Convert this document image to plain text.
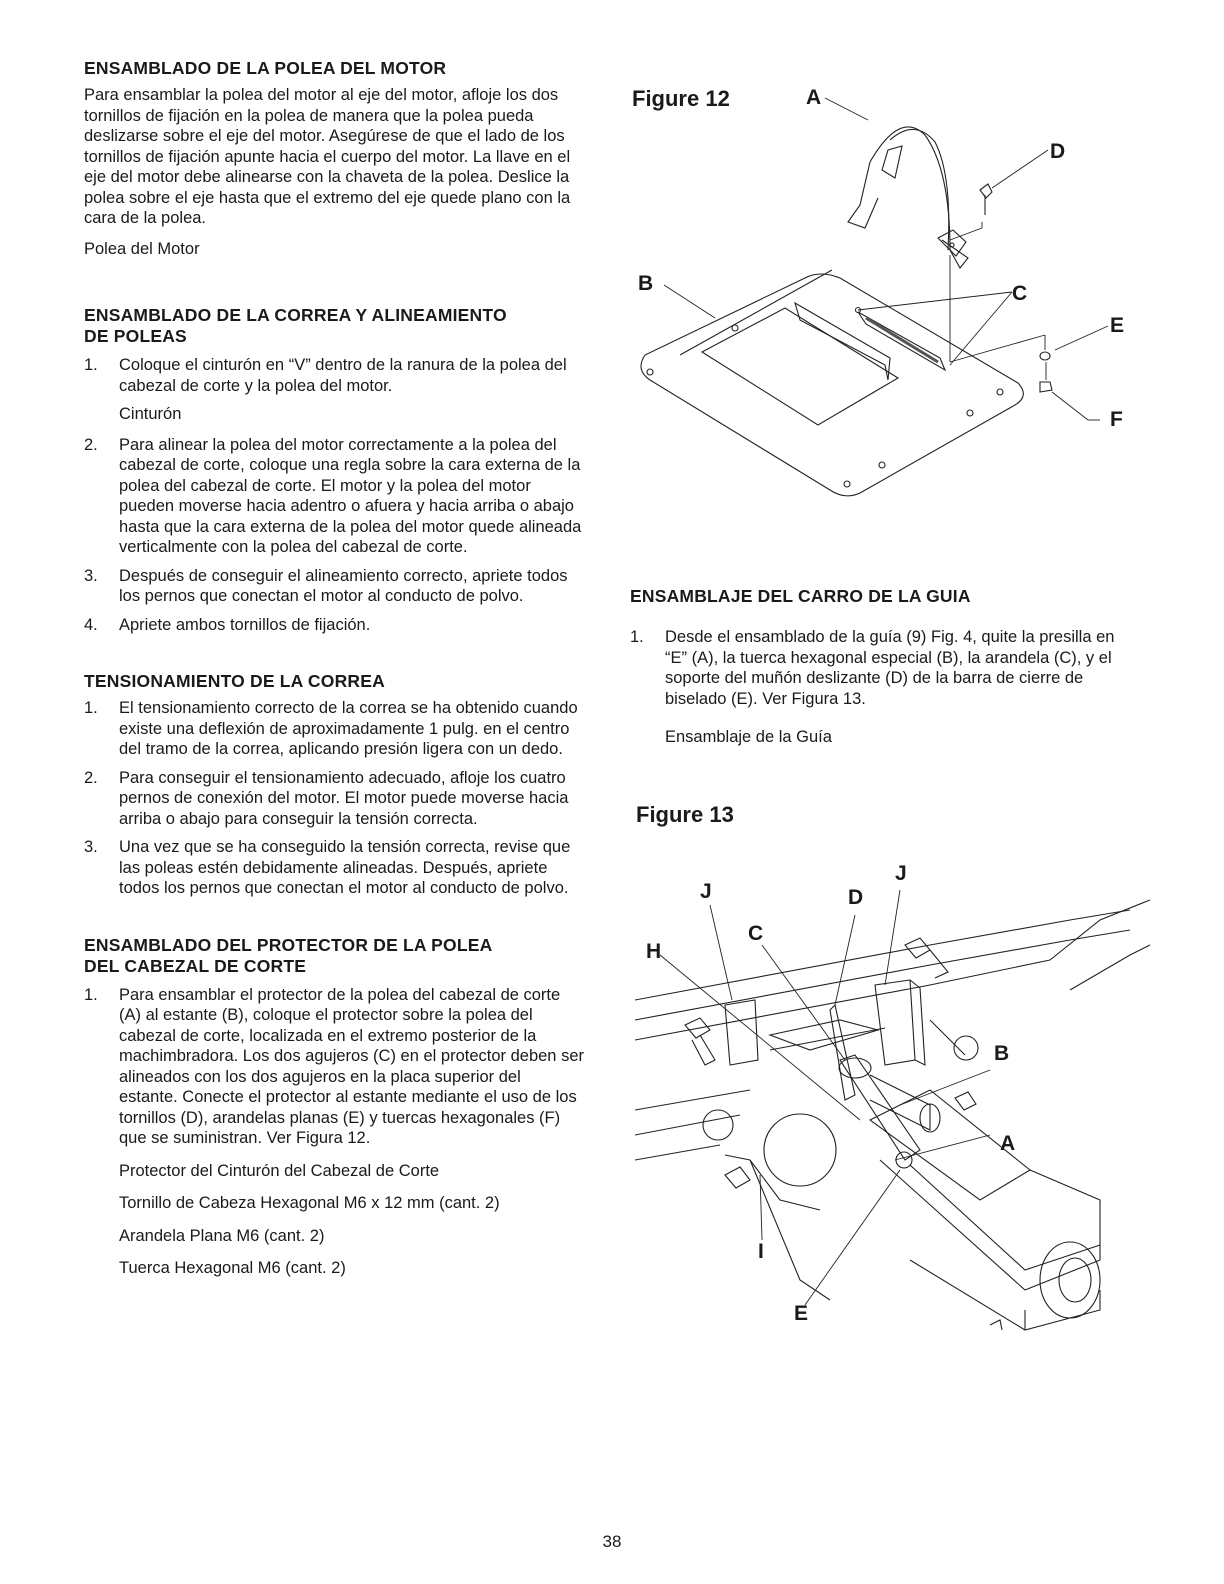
ENSAMBLADO DE LA POLEA DEL MOTOR

Para ensamblar la polea del motor al eje del motor, afloje los dos tornillos de fijación en la polea de manera que la polea pueda deslizarse sobre el eje del motor. Asegúrese de que el lado de los tornillos de fijación apunte hacia el cuerpo del motor. La llave en el eje del motor debe alinearse con la chaveta de la polea. Deslice la polea sobre el eje hasta que el extremo del eje quede plano con la cara de la polea.

Polea del Motor

ENSAMBLADO DE LA CORREA Y ALINEAMIENTO
DE POLEAS
1. Coloque el cinturón en “V” dentro de la ranura de la polea del cabezal de corte y la polea del motor.

Cinturón

2. Para alinear la polea del motor correctamente a la polea del cabezal de corte, coloque una regla sobre la cara externa de la polea del cabezal de corte. El motor y la polea del motor pueden moverse hacia adentro o afuera y hacia arriba o abajo hasta que la cara externa de la polea del motor quede alineada verticalmente con la polea del cabezal de corte.
3. Después de conseguir el alineamiento correcto, apriete todos los pernos que conectan el motor al conducto de polvo.
4. Apriete ambos tornillos de fijación.
TENSIONAMIENTO DE LA CORREA
1. El tensionamiento correcto de la correa se ha obtenido cuando existe una deflexión de aproximadamente 1 pulg. en el centro del tramo de la correa, aplicando presión ligera con un dedo.
2. Para conseguir el tensionamiento adecuado, afloje los cuatro pernos de conexión del motor. El motor puede moverse hacia arriba o abajo para conseguir la tensión correcta.
3. Una vez que se ha conseguido la tensión correcta, revise que las poleas estén debidamente alineadas. Después, apriete todos los pernos que conectan el motor al conducto de polvo.
ENSAMBLADO DEL PROTECTOR DE LA POLEA
DEL CABEZAL DE CORTE
1. Para ensamblar el protector de la polea del cabezal de corte (A) al estante (B), coloque el protector sobre la polea del cabezal de corte, localizada en el extremo posterior de la machimbradora. Los dos agujeros (C) en el protector deben ser alineados con los dos agujeros en la placa superior del estante. Conecte el protector al estante mediante el uso de los tornillos (D), arandelas planas (E) y tuercas hexagonales (F) que se suministran. Ver Figura 12.

Protector del Cinturón del Cabezal de Corte

Tornillo de Cabeza Hexagonal M6 x 12 mm (cant. 2)

Arandela Plana M6 (cant. 2)

Tuerca Hexagonal M6 (cant. 2)

Figure 12	A
D
B	C
E
F
ENSAMBLAJE DEL CARRO DE LA GUIA
1. Desde el ensamblado de la guía (9) Fig. 4, quite la presilla en “E” (A), la tuerca hexagonal especial (B), la arandela (C), y el soporte del muñón deslizante (D) de la barra de cierre de biselado (E). Ver Figura 13.

Ensamblaje de la Guía

Figure 13
J
J
D
C
H
B
A
I
E
38
